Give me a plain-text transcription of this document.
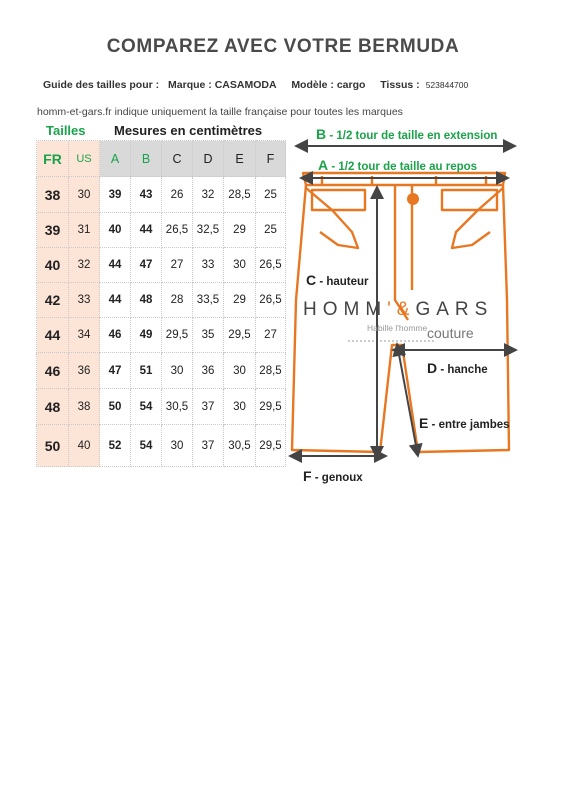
COMPAREZ AVEC VOTRE BERMUDA
Guide des tailles pour : Marque : CASAMODA Modèle : cargo Tissus : 523844700
homm-et-gars.fr indique uniquement la taille française pour toutes les marques
Tailles Mesures en centimètres
FR	US	A	B	C	D	E	F
38	30	39	43	26	32	28,5	25
39	31	40	44	26,5	32,5	29	25
40	32	44	47	27	33	30	26,5
42	33	44	48	28	33,5	29	26,5
44	34	46	49	29,5	35	29,5	27
46	36	47	51	30	36	30	28,5
48	38	50	54	30,5	37	30	29,5
50	40	52	54	30	37	30,5	29,5
B - 1/2 tour de taille en extension
A - 1/2 tour de taille au repos
C - hauteur
D - hanche
E - entre jambes
F - genoux
HOMM'&GARS
Habille l'homme couture
